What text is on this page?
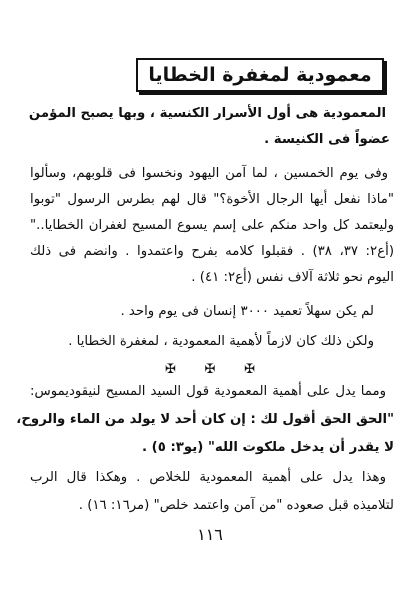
معمودية لمغفرة الخطايا
المعمودية هى أول الأسرار الكنسية ، وبها يصبح المؤمن
عضواً فى الكنيسة .
وفى يوم الخمسين ، لما آمن اليهود ونخسوا فى قلوبهم، وسألوا
"ماذا نفعل أيها الرجال الأخوة؟" قال لهم بطرس الرسول "توبوا
وليعتمد كل واحد منكم على إسم يسوع المسيح لغفران الخطايا.."
(أع٢: ٣٧، ٣٨) . فقبلوا كلامه بفرح واعتمدوا . وانضم فى ذلك
اليوم نحو ثلاثة آلاف نفس (أع٢: ٤١) .
لم يكن سهلاً تعميد ٣٠٠٠ إنسان فى يوم واحد .
ولكن ذلك كان لازماً لأهمية المعمودية ، لمغفرة الخطايا .
✠ ✠ ✠
ومما يدل على أهمية المعمودية قول السيد المسيح لنيقوديموس:
"الحق الحق أقول لك : إن كان أحد لا يولد من الماء والروح،
لا يقدر أن يدخل ملكوت الله" (يو٣: ٥) .
وهذا يدل على أهمية المعمودية للخلاص . وهكذا قال الرب
لتلاميذه قبل صعوده "من آمن واعتمد خلص" (مر١٦: ١٦) .
١١٦
